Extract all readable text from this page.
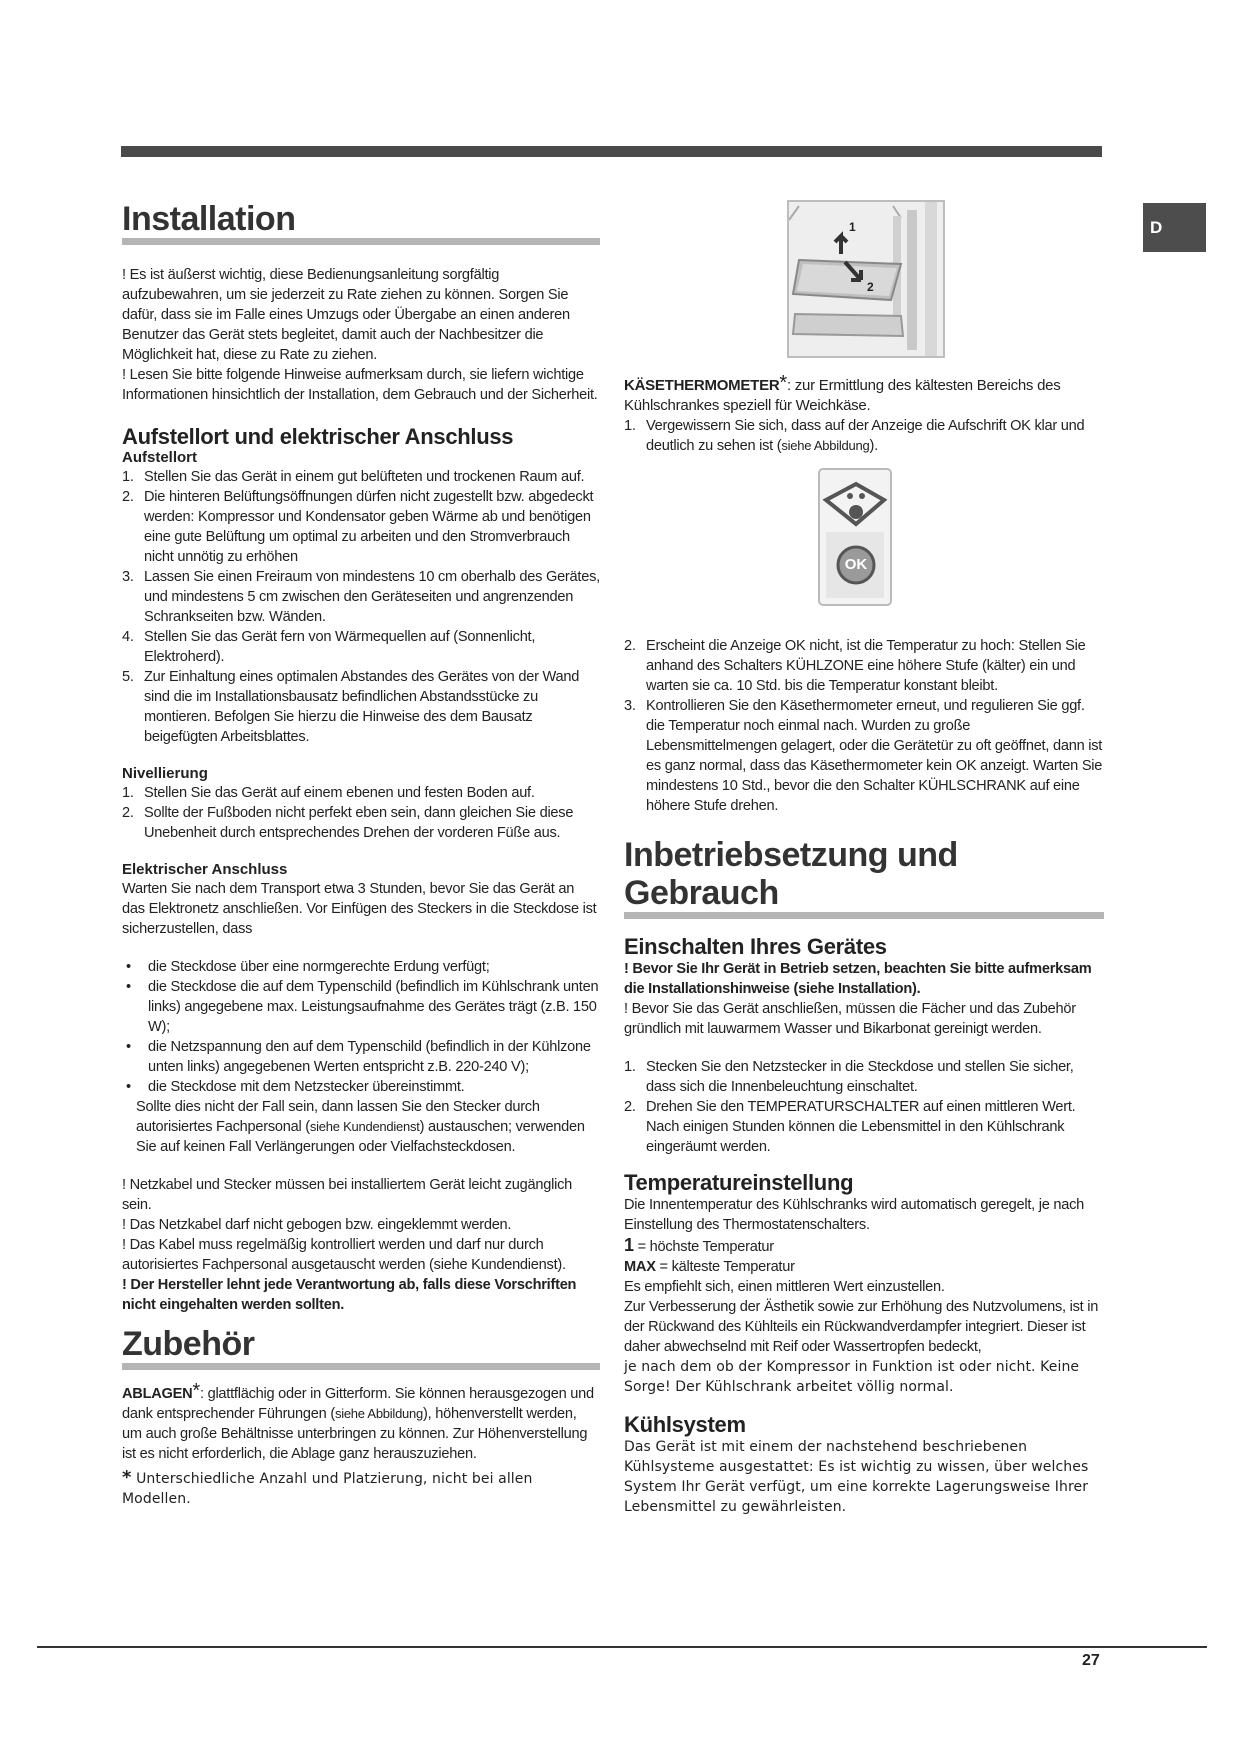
D
Installation

! Es ist äußerst wichtig, diese Bedienungsanleitung sorgfältig aufzubewahren, um sie jederzeit zu Rate ziehen zu können. Sorgen Sie dafür, dass sie im Falle eines Umzugs oder Übergabe an einen anderen Benutzer das Gerät stets begleitet, damit auch der Nachbesitzer die Möglichkeit hat, diese zu Rate zu ziehen.

! Lesen Sie bitte folgende Hinweise aufmerksam durch, sie liefern wichtige Informationen hinsichtlich der Installation, dem Gebrauch und der Sicherheit.

Aufstellort und elektrischer Anschluss
Aufstellort
1. Stellen Sie das Gerät in einem gut belüfteten und trockenen Raum auf.
2. Die hinteren Belüftungsöffnungen dürfen nicht zugestellt bzw. abgedeckt werden: Kompressor und Kondensator geben Wärme ab und benötigen eine gute Belüftung um optimal zu arbeiten und den Stromverbrauch nicht unnötig zu erhöhen
3. Lassen Sie einen Freiraum von mindestens 10 cm oberhalb des Gerätes, und mindestens 5 cm zwischen den Geräteseiten und angrenzenden Schrankseiten bzw. Wänden.
4. Stellen Sie das Gerät fern von Wärmequellen auf (Sonnenlicht, Elektroherd).
5. Zur Einhaltung eines optimalen Abstandes des Gerätes von der Wand sind die im Installationsbausatz befindlichen Abstandsstücke zu montieren. Befolgen Sie hierzu die Hinweise des dem Bausatz beigefügten Arbeitsblattes.
Nivellierung
1. Stellen Sie das Gerät auf einem ebenen und festen Boden auf.
2. Sollte der Fußboden nicht perfekt eben sein, dann gleichen Sie diese Unebenheit durch entsprechendes Drehen der vorderen Füße aus.
Elektrischer Anschluss

Warten Sie nach dem Transport etwa 3 Stunden, bevor Sie das Gerät an das Elektronetz anschließen. Vor Einfügen des Steckers in die Steckdose ist sicherzustellen, dass

• die Steckdose über eine normgerechte Erdung verfügt;
• die Steckdose die auf dem Typenschild (befindlich im Kühlschrank unten links) angegebene max. Leistungsaufnahme des Gerätes trägt (z.B. 150 W);
• die Netzspannung den auf dem Typenschild (befindlich in der Kühlzone unten links) angegebenen Werten entspricht z.B. 220-240 V);
• die Steckdose mit dem Netzstecker übereinstimmt.

Sollte dies nicht der Fall sein, dann lassen Sie den Stecker durch autorisiertes Fachpersonal (siehe Kundendienst) austauschen; verwenden Sie auf keinen Fall Verlängerungen oder Vielfachsteckdosen.

! Netzkabel und Stecker müssen bei installiertem Gerät leicht zugänglich sein.

! Das Netzkabel darf nicht gebogen bzw. eingeklemmt werden.

! Das Kabel muss regelmäßig kontrolliert werden und darf nur durch autorisiertes Fachpersonal ausgetauscht werden (siehe Kundendienst).

! Der Hersteller lehnt jede Verantwortung ab, falls diese Vorschriften nicht eingehalten werden sollten.

Zubehör

ABLAGEN*: glattflächig oder in Gitterform. Sie können herausgezogen und dank entsprechender Führungen (siehe Abbildung), höhenverstellt werden, um auch große Behältnisse unterbringen zu können. Zur Höhenverstellung ist es nicht erforderlich, die Ablage ganz herauszuziehen.

* Unterschiedliche Anzahl und Platzierung, nicht bei allen Modellen.

1
2

KÄSETHERMOMETER*: zur Ermittlung des kältesten Bereichs des Kühlschrankes speziell für Weichkäse.

1. Vergewissern Sie sich, dass auf der Anzeige die Aufschrift OK klar und deutlich zu sehen ist (siehe Abbildung).
OK
2. Erscheint die Anzeige OK nicht, ist die Temperatur zu hoch: Stellen Sie anhand des Schalters KÜHLZONE eine höhere Stufe (kälter) ein und warten sie ca. 10 Std. bis die Temperatur konstant bleibt.
3. Kontrollieren Sie den Käsethermometer erneut, und regulieren Sie ggf. die Temperatur noch einmal nach. Wurden zu große Lebensmittelmengen gelagert, oder die Gerätetür zu oft geöffnet, dann ist es ganz normal, dass das Käsethermometer kein OK anzeigt. Warten Sie mindestens 10 Std., bevor die den Schalter KÜHLSCHRANK auf eine höhere Stufe drehen.
Inbetriebsetzung und
Gebrauch
Einschalten Ihres Gerätes

! Bevor Sie Ihr Gerät in Betrieb setzen, beachten Sie bitte aufmerksam die Installationshinweise (siehe Installation).

! Bevor Sie das Gerät anschließen, müssen die Fächer und das Zubehör gründlich mit lauwarmem Wasser und Bikarbonat gereinigt werden.

1. Stecken Sie den Netzstecker in die Steckdose und stellen Sie sicher, dass sich die Innenbeleuchtung einschaltet.
2. Drehen Sie den TEMPERATURSCHALTER auf einen mittleren Wert. Nach einigen Stunden können die Lebensmittel in den Kühlschrank eingeräumt werden.
Temperatureinstellung

Die Innentemperatur des Kühlschranks wird automatisch geregelt, je nach Einstellung des Thermostatenschalters.

1 = höchste Temperatur

MAX = kälteste Temperatur

Es empfiehlt sich, einen mittleren Wert einzustellen.

Zur Verbesserung der Ästhetik sowie zur Erhöhung des Nutzvolumens, ist in der Rückwand des Kühlteils ein Rückwandverdampfer integriert. Dieser ist daher abwechselnd mit Reif oder Wassertropfen bedeckt,

je nach dem ob der Kompressor in Funktion ist oder nicht. Keine Sorge! Der Kühlschrank arbeitet völlig normal.

Kühlsystem

Das Gerät ist mit einem der nachstehend beschriebenen Kühlsysteme ausgestattet: Es ist wichtig zu wissen, über welches System Ihr Gerät verfügt, um eine korrekte Lagerungsweise Ihrer Lebensmittel zu gewährleisten.

27
